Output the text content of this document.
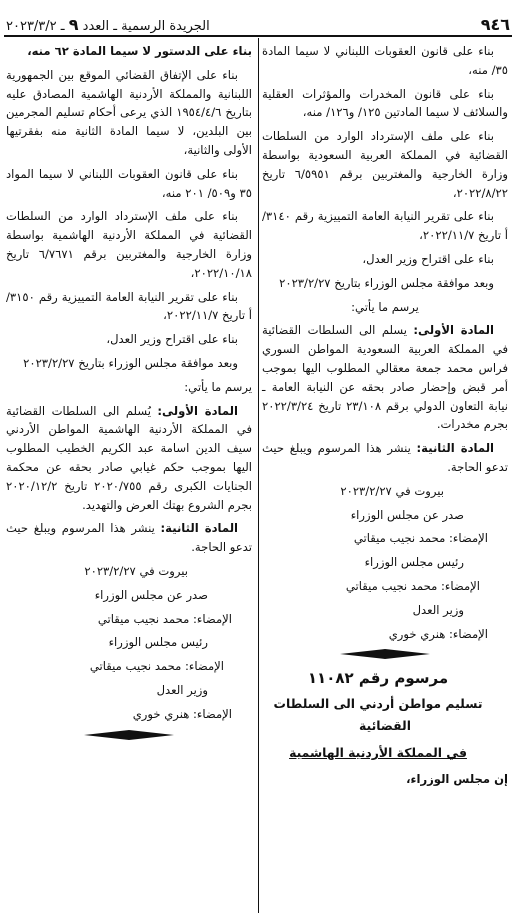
٩٤٦
الجريدة الرسمية ـ العدد ٩ ـ ٢٠٢٣/٣/٢

بناء على قانون العقوبات اللبناني لا سيما المادة ٣٥/ منه،

بناء على قانون المخدرات والمؤثرات العقلية والسلائف لا سيما المادتين ١٢٥/ و١٢٦/ منه،

بناء على ملف الإسترداد الوارد من السلطات القضائية في المملكة العربية السعودية بواسطة وزارة الخارجية والمغتربين برقم ٦/٥٩٥١ تاريخ ٢٠٢٢/٨/٢٢،

بناء على تقرير النيابة العامة التمييزية رقم ٣١٤٠/أ تاريخ ٢٠٢٢/١١/٧،

بناء على اقتراح وزير العدل،

وبعد موافقة مجلس الوزراء بتاريخ ٢٠٢٣/٢/٢٧

يرسم ما يأتي:

المادة الأولى: يسلم الى السلطات القضائية في المملكة العربية السعودية المواطن السوري فراس محمد جمعة معقالي المطلوب اليها بموجب أمر قبض وإحضار صادر بحقه عن النيابة العامة ـ نيابة التعاون الدولي برقم ٢٣/١٠٨ تاريخ ٢٠٢٢/٣/٢٤ بجرم مخدرات.

المادة الثانية: ينشر هذا المرسوم ويبلغ حيث تدعو الحاجة.

بيروت في ٢٠٢٣/٢/٢٧

صدر عن مجلس الوزراء

الإمضاء: محمد نجيب ميقاتي

رئيس مجلس الوزراء

الإمضاء: محمد نجيب ميقاتي

وزير العدل

الإمضاء: هنري خوري

مرسوم رقم ١١٠٨٢

تسليم مواطن أردني الى السلطات القضائية

في المملكة الأردنية الهاشمية

إن مجلس الوزراء،

بناء على الدستور لا سيما المادة ٦٢ منه،

بناء على الإتفاق القضائي الموقع بين الجمهورية اللبنانية والمملكة الأردنية الهاشمية المصادق عليه بتاريخ ١٩٥٤/٤/٦ الذي يرعى أحكام تسليم المجرمين بين البلدين، لا سيما المادة الثانية منه بفقرتيها الأولى والثانية،

بناء على قانون العقوبات اللبناني لا سيما المواد ٣٥ و٥٠٩/ ٢٠١ منه،

بناء على ملف الإسترداد الوارد من السلطات القضائية في المملكة الأردنية الهاشمية بواسطة وزارة الخارجية والمغتربين برقم ٦/٧٦٧١ تاريخ ٢٠٢٢/١٠/١٨،

بناء على تقرير النيابة العامة التمييزية رقم ٣١٥٠/أ تاريخ ٢٠٢٢/١١/٧،

بناء على اقتراح وزير العدل،

وبعد موافقة مجلس الوزراء بتاريخ ٢٠٢٣/٢/٢٧

يرسم ما يأتي:

المادة الأولى: يُسلم الى السلطات القضائية في المملكة الأردنية الهاشمية المواطن الأردني سيف الدين اسامة عبد الكريم الخطيب المطلوب اليها بموجب حكم غيابي صادر بحقه عن محكمة الجنايات الكبرى رقم ٢٠٢٠/٧٥٥ تاريخ ٢٠٢٠/١٢/٢ بجرم الشروع بهتك العرض والتهديد.

المادة الثانية: ينشر هذا المرسوم ويبلغ حيث تدعو الحاجة.

بيروت في ٢٠٢٣/٢/٢٧

صدر عن مجلس الوزراء

الإمضاء: محمد نجيب ميقاتي

رئيس مجلس الوزراء

الإمضاء: محمد نجيب ميقاتي

وزير العدل

الإمضاء: هنري خوري
